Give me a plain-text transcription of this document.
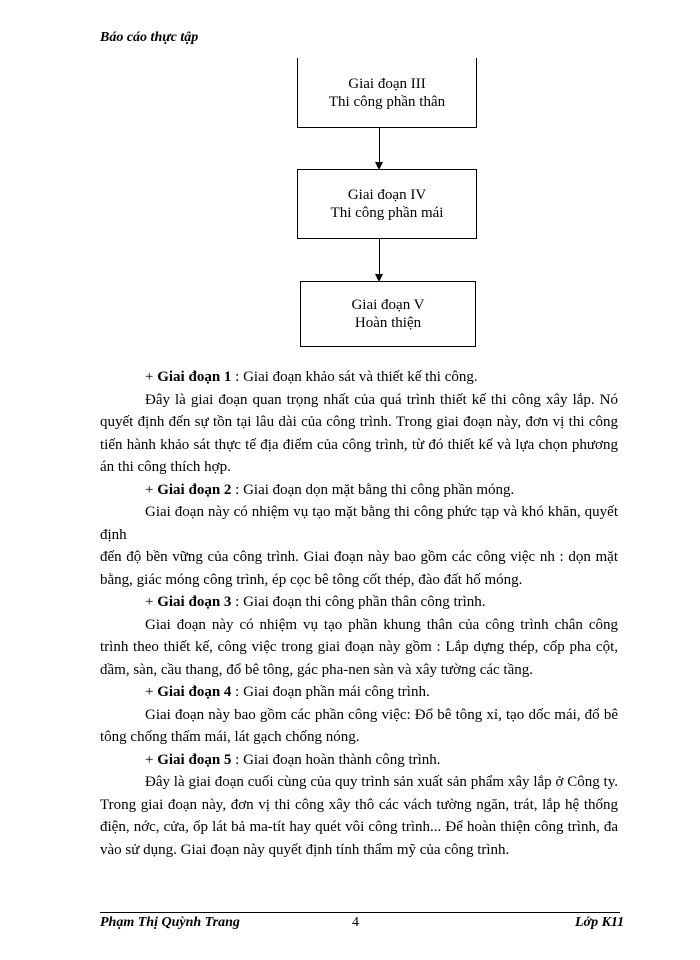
Báo cáo thực tập
Giai đoạn III
Thi công phần thân
Giai đoạn IV
Thi công phần mái
Giai đoạn V
Hoàn thiện

+ Giai đoạn 1 : Giai đoạn khảo sát và thiết kế thi công.

Đây là giai đoạn quan trọng nhất của quá trình thiết kế thi công xây lắp. Nó quyết định đến sự tồn tại lâu dài của công trình. Trong giai đoạn này, đơn vị thi công tiến hành khảo sát thực tế địa điểm của công trình, từ đó thiết kế và lựa chọn phương án thi công thích hợp.

+ Giai đoạn 2 : Giai đoạn dọn mặt bằng thi công phần móng.

Giai đoạn này có nhiệm vụ tạo mặt bằng thi công phức tạp và khó khăn, quyết định

đến độ bền vững của công trình. Giai đoạn này bao gồm các công việc nh : dọn mặt bằng, giác móng công trình, ép cọc bê tông cốt thép, đào đất hố móng.

+ Giai đoạn 3 : Giai đoạn thi công phần thân công trình.

Giai đoạn này có nhiệm vụ tạo phần khung thân của công trình chân công trình theo thiết kế, công việc trong giai đoạn này gồm : Lắp dựng thép, cốp pha cột, dầm, sàn, cầu thang, đổ bê tông, gác pha-nen sàn và xây tường các tầng.

+ Giai đoạn 4 : Giai đoạn phần mái công trình.

Giai đoạn này bao gồm các phần công việc: Đổ bê tông xỉ, tạo dốc mái, đổ bê tông chống thấm mái, lát gạch chống nóng.

+ Giai đoạn 5 : Giai đoạn hoàn thành công trình.

Đây là giai đoạn cuối cùng của quy trình sản xuất sản phẩm xây lắp ở Công ty. Trong giai đoạn này, đơn vị thi công xây thô các vách tường ngăn, trát, lắp hệ thống điện, nớc, cửa, ốp lát bả ma-tít hay quét vôi công trình... Để hoàn thiện công trình, đa vào sử dụng. Giai đoạn này quyết định tính thẩm mỹ của công trình.

Phạm Thị Quỳnh Trang	4	Lớp K11
